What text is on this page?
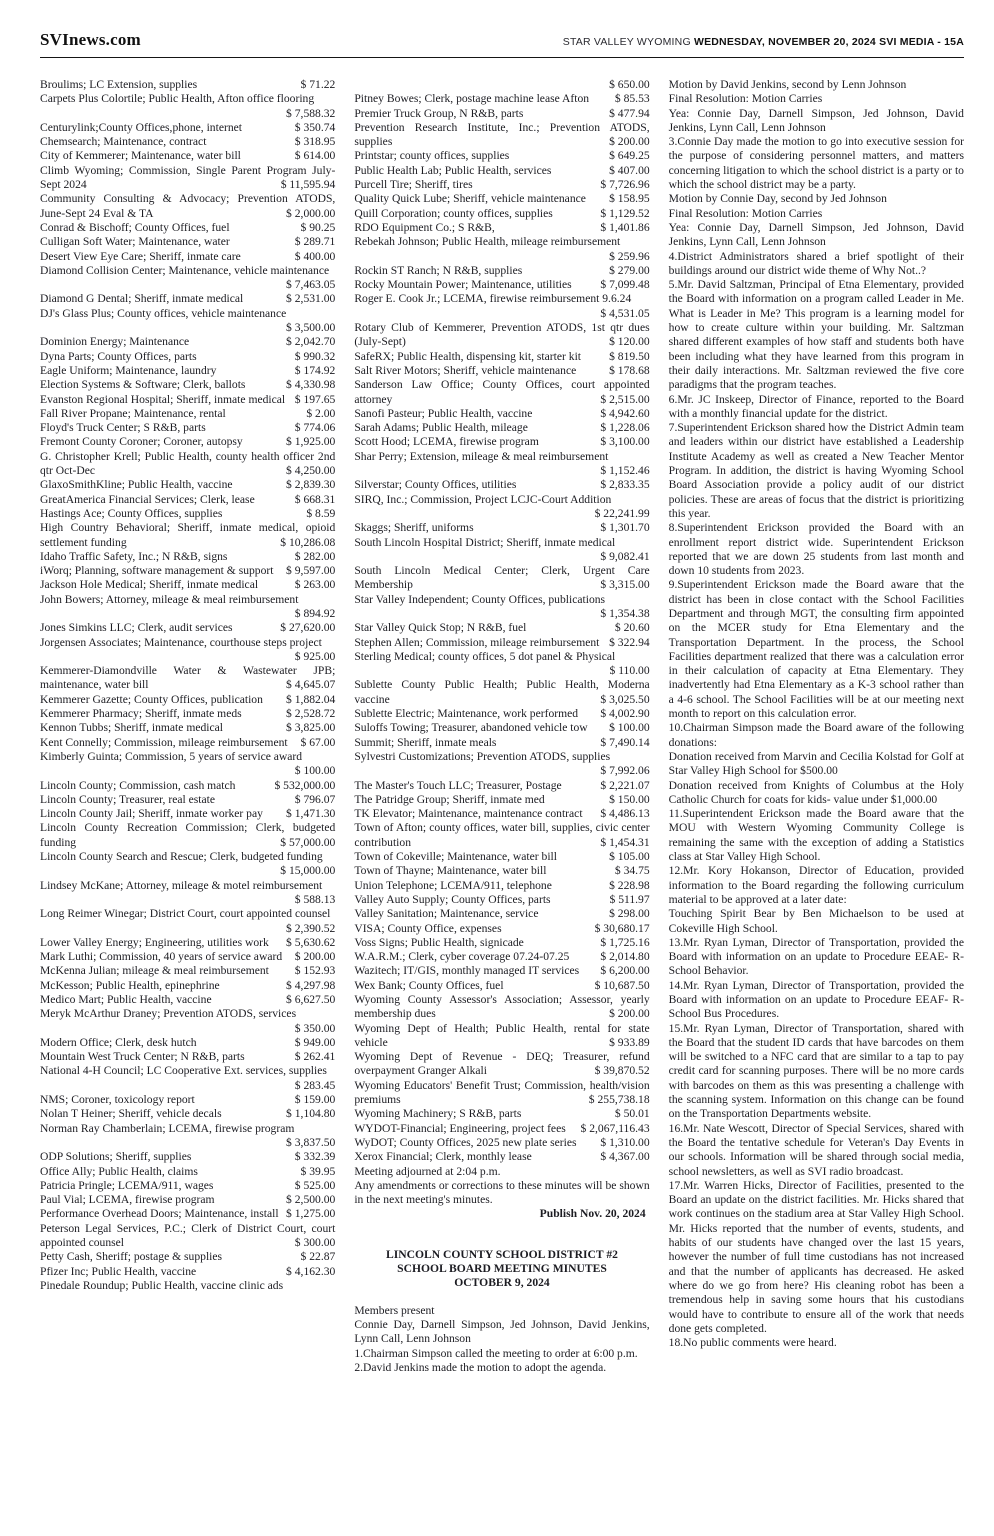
SVInews.com	STAR VALLEY WYOMING WEDNESDAY, NOVEMBER 20, 2024 SVI MEDIA - 15A
Broulims; LC Extension, supplies	$ 71.22
Carpets Plus Colortile; Public Health, Afton office flooring
$ 7,588.32
Centurylink;County Offices,phone, internet	$ 350.74
Chemsearch; Maintenance, contract	$ 318.95
City of Kemmerer; Maintenance, water bill	$ 614.00
Climb Wyoming; Commission, Single Parent Program July-Sept 2024	$ 11,595.94
Community Consulting & Advocacy; Prevention ATODS, June-Sept 24 Eval & TA	$ 2,000.00
Conrad & Bischoff; County Offices, fuel	$ 90.25
Culligan Soft Water; Maintenance, water	$ 289.71
Desert View Eye Care; Sheriff, inmate care	$ 400.00
Diamond Collision Center; Maintenance, vehicle maintenance
$ 7,463.05
Diamond G Dental; Sheriff, inmate medical	$ 2,531.00
DJ's Glass Plus; County offices, vehicle maintenance
$ 3,500.00
Dominion Energy; Maintenance	$ 2,042.70
Dyna Parts; County Offices, parts	$ 990.32
Eagle Uniform; Maintenance, laundry	$ 174.92
Election Systems & Software; Clerk, ballots	$ 4,330.98
Evanston Regional Hospital; Sheriff, inmate medical $ 197.65
Fall River Propane; Maintenance, rental	$ 2.00
Floyd's Truck Center; S R&B, parts	$ 774.06
Fremont County Coroner; Coroner, autopsy	$ 1,925.00
G. Christopher Krell; Public Health, county health officer 2nd qtr Oct-Dec	$ 4,250.00
GlaxoSmithKline; Public Health, vaccine	$ 2,839.30
GreatAmerica Financial Services; Clerk, lease	$ 668.31
Hastings Ace; County Offices, supplies	$ 8.59
High Country Behavioral; Sheriff, inmate medical, opioid settlement funding	$ 10,286.08
Idaho Traffic Safety, Inc.; N R&B, signs	$ 282.00
iWorq; Planning, software management & support	$ 9,597.00
Jackson Hole Medical; Sheriff, inmate medical	$ 263.00
John Bowers; Attorney, mileage & meal reimbursement
$ 894.92
Jones Simkins LLC; Clerk, audit services	$ 27,620.00
Jorgensen Associates; Maintenance, courthouse steps project
$ 925.00
Kemmerer-Diamondville Water & Wastewater JPB; maintenance, water bill	$ 4,645.07
Kemmerer Gazette; County Offices, publication	$ 1,882.04
Kemmerer Pharmacy; Sheriff, inmate meds	$ 2,528.72
Kennon Tubbs; Sheriff, inmate medical	$ 3,825.00
Kent Connelly; Commission, mileage reimbursement	$ 67.00
Kimberly Guinta; Commission, 5 years of service award
$ 100.00
Lincoln County; Commission, cash match	$ 532,000.00
Lincoln County; Treasurer, real estate	$ 796.07
Lincoln County Jail; Sheriff, inmate worker pay	$ 1,471.30
Lincoln County Recreation Commission; Clerk, budgeted funding	$ 57,000.00
Lincoln County Search and Rescue; Clerk, budgeted funding
$ 15,000.00
Lindsey McKane; Attorney, mileage & motel reimbursement
$ 588.13
Long Reimer Winegar; District Court, court appointed counsel
$ 2,390.52
Lower Valley Energy; Engineering, utilities work	$ 5,630.62
Mark Luthi; Commission, 40 years of service award	$ 200.00
McKenna Julian; mileage & meal reimbursement	$ 152.93
McKesson; Public Health, epinephrine	$ 4,297.98
Medico Mart; Public Health, vaccine	$ 6,627.50
Meryk McArthur Draney; Prevention ATODS, services
$ 350.00
Modern Office; Clerk, desk hutch	$ 949.00
Mountain West Truck Center; N R&B, parts	$ 262.41
National 4-H Council; LC Cooperative Ext. services, supplies
$ 283.45
NMS; Coroner, toxicology report	$ 159.00
Nolan T Heiner; Sheriff, vehicle decals	$ 1,104.80
Norman Ray Chamberlain; LCEMA, firewise program
$ 3,837.50
ODP Solutions; Sheriff, supplies	$ 332.39
Office Ally; Public Health, claims	$ 39.95
Patricia Pringle; LCEMA/911, wages	$ 525.00
Paul Vial; LCEMA, firewise program	$ 2,500.00
Performance Overhead Doors; Maintenance, install $ 1,275.00
Peterson Legal Services, P.C.; Clerk of District Court, court appointed counsel	$ 300.00
Petty Cash, Sheriff; postage & supplies	$ 22.87
Pfizer Inc; Public Health, vaccine	$ 4,162.30
Pinedale Roundup; Public Health, vaccine clinic ads
$ 650.00
Pitney Bowes; Clerk, postage machine lease Afton	$ 85.53
Premier Truck Group, N R&B, parts	$ 477.94
Prevention Research Institute, Inc.; Prevention ATODS, supplies	$ 200.00
Printstar; county offices, supplies	$ 649.25
Public Health Lab; Public Health, services	$ 407.00
Purcell Tire; Sheriff, tires	$ 7,726.96
Quality Quick Lube; Sheriff, vehicle maintenance	$ 158.95
Quill Corporation; county offices, supplies	$ 1,129.52
RDO Equipment Co.; S R&B,	$ 1,401.86
Rebekah Johnson; Public Health, mileage reimbursement
$ 259.96
Rockin ST Ranch; N R&B, supplies	$ 279.00
Rocky Mountain Power; Maintenance, utilities	$ 7,099.48
Roger E. Cook Jr.; LCEMA, firewise reimbursement 9.6.24
$ 4,531.05
Rotary Club of Kemmerer, Prevention ATODS, 1st qtr dues (July-Sept)	$ 120.00
SafeRX; Public Health, dispensing kit, starter kit	$ 819.50
Salt River Motors; Sheriff, vehicle maintenance	$ 178.68
Sanderson Law Office; County Offices, court appointed attorney	$ 2,515.00
Sanofi Pasteur; Public Health, vaccine	$ 4,942.60
Sarah Adams; Public Health, mileage	$ 1,228.06
Scott Hood; LCEMA, firewise program	$ 3,100.00
Shar Perry; Extension, mileage & meal reimbursement
$ 1,152.46
Silverstar; County Offices, utilities	$ 2,833.35
SIRQ, Inc.; Commission, Project LCJC-Court Addition
$ 22,241.99
Skaggs; Sheriff, uniforms	$ 1,301.70
South Lincoln Hospital District; Sheriff, inmate medical
$ 9,082.41
South Lincoln Medical Center; Clerk, Urgent Care Membership	$ 3,315.00
Star Valley Independent; County Offices, publications
$ 1,354.38
Star Valley Quick Stop; N R&B, fuel	$ 20.60
Stephen Allen; Commission, mileage reimbursement $ 322.94
Sterling Medical; county offices, 5 dot panel & Physical
$ 110.00
Sublette County Public Health; Public Health, Moderna vaccine	$ 3,025.50
Sublette Electric; Maintenance, work performed	$ 4,002.90
Suloffs Towing; Treasurer, abandoned vehicle tow	$ 100.00
Summit; Sheriff, inmate meals	$ 7,490.14
Sylvestri Customizations; Prevention ATODS, supplies
$ 7,992.06
The Master's Touch LLC; Treasurer, Postage	$ 2,221.07
The Patridge Group; Sheriff, inmate med	$ 150.00
TK Elevator; Maintenance, maintenance contract	$ 4,486.13
Town of Afton; county offices, water bill, supplies, civic center contribution	$ 1,454.31
Town of Cokeville; Maintenance, water bill	$ 105.00
Town of Thayne; Maintenance, water bill	$ 34.75
Union Telephone; LCEMA/911, telephone	$ 228.98
Valley Auto Supply; County Offices, parts	$ 511.97
Valley Sanitation; Maintenance, service	$ 298.00
VISA; County Office, expenses	$ 30,680.17
Voss Signs; Public Health, signicade	$ 1,725.16
W.A.R.M.; Clerk, cyber coverage 07.24-07.25	$ 2,014.80
Wazitech; IT/GIS, monthly managed IT services	$ 6,200.00
Wex Bank; County Offices, fuel	$ 10,687.50
Wyoming County Assessor's Association; Assessor, yearly membership dues	$ 200.00
Wyoming Dept of Health; Public Health, rental for state vehicle	$ 933.89
Wyoming Dept of Revenue - DEQ; Treasurer, refund overpayment Granger Alkali	$ 39,870.52
Wyoming Educators' Benefit Trust; Commission, health/vision premiums	$ 255,738.18
Wyoming Machinery; S R&B, parts	$ 50.01
WYDOT-Financial; Engineering, project fees	$ 2,067,116.43
WyDOT; County Offices, 2025 new plate series	$ 1,310.00
Xerox Financial; Clerk, monthly lease	$ 4,367.00

Meeting adjourned at 2:04 p.m.

Any amendments or corrections to these minutes will be shown in the next meeting's minutes.

Publish Nov. 20, 2024

LINCOLN COUNTY SCHOOL DISTRICT #2

SCHOOL BOARD MEETING MINUTES

OCTOBER 9, 2024

Members present

Connie Day, Darnell Simpson, Jed Johnson, David Jenkins, Lynn Call, Lenn Johnson

1.Chairman Simpson called the meeting to order at 6:00 p.m.

2.David Jenkins made the motion to adopt the agenda.

Motion by David Jenkins, second by Lenn Johnson

Final Resolution: Motion Carries

Yea: Connie Day, Darnell Simpson, Jed Johnson, David Jenkins, Lynn Call, Lenn Johnson

3.Connie Day made the motion to go into executive session for the purpose of considering personnel matters, and matters concerning litigation to which the school district is a party or to which the school district may be a party.

Motion by Connie Day, second by Jed Johnson

Final Resolution: Motion Carries

Yea: Connie Day, Darnell Simpson, Jed Johnson, David Jenkins, Lynn Call, Lenn Johnson

4.District Administrators shared a brief spotlight of their buildings around our district wide theme of Why Not..?

5.Mr. David Saltzman, Principal of Etna Elementary, provided the Board with information on a program called Leader in Me. What is Leader in Me? This program is a learning model for how to create culture within your building. Mr. Saltzman shared different examples of how staff and students both have been including what they have learned from this program in their daily interactions. Mr. Saltzman reviewed the five core paradigms that the program teaches.

6.Mr. JC Inskeep, Director of Finance, reported to the Board with a monthly financial update for the district.

7.Superintendent Erickson shared how the District Admin team and leaders within our district have established a Leadership Institute Academy as well as created a New Teacher Mentor Program. In addition, the district is having Wyoming School Board Association provide a policy audit of our district policies. These are areas of focus that the district is prioritizing this year.

8.Superintendent Erickson provided the Board with an enrollment report district wide. Superintendent Erickson reported that we are down 25 students from last month and down 10 students from 2023.

9.Superintendent Erickson made the Board aware that the district has been in close contact with the School Facilities Department and through MGT, the consulting firm appointed on the MCER study for Etna Elementary and the Transportation Department. In the process, the School Facilities department realized that there was a calculation error in their calculation of capacity at Etna Elementary. They inadvertently had Etna Elementary as a K-3 school rather than a 4-6 school. The School Facilities will be at our meeting next month to report on this calculation error.

10.Chairman Simpson made the Board aware of the following donations:

Donation received from Marvin and Cecilia Kolstad for Golf at Star Valley High School for $500.00

Donation received from Knights of Columbus at the Holy Catholic Church for coats for kids- value under $1,000.00

11.Superintendent Erickson made the Board aware that the MOU with Western Wyoming Community College is remaining the same with the exception of adding a Statistics class at Star Valley High School.

12.Mr. Kory Hokanson, Director of Education, provided information to the Board regarding the following curriculum material to be approved at a later date:

Touching Spirit Bear by Ben Michaelson to be used at Cokeville High School.

13.Mr. Ryan Lyman, Director of Transportation, provided the Board with information on an update to Procedure EEAE- R- School Behavior.

14.Mr. Ryan Lyman, Director of Transportation, provided the Board with information on an update to Procedure EEAF- R- School Bus Procedures.

15.Mr. Ryan Lyman, Director of Transportation, shared with the Board that the student ID cards that have barcodes on them will be switched to a NFC card that are similar to a tap to pay credit card for scanning purposes. There will be no more cards with barcodes on them as this was presenting a challenge with the scanning system. Information on this change can be found on the Transportation Departments website.

16.Mr. Nate Wescott, Director of Special Services, shared with the Board the tentative schedule for Veteran's Day Events in our schools. Information will be shared through social media, school newsletters, as well as SVI radio broadcast.

17.Mr. Warren Hicks, Director of Facilities, presented to the Board an update on the district facilities. Mr. Hicks shared that work continues on the stadium area at Star Valley High School. Mr. Hicks reported that the number of events, students, and habits of our students have changed over the last 15 years, however the number of full time custodians has not increased and that the number of applicants has decreased. He asked where do we go from here? His cleaning robot has been a tremendous help in saving some hours that his custodians would have to contribute to ensure all of the work that needs done gets completed.

18.No public comments were heard.
